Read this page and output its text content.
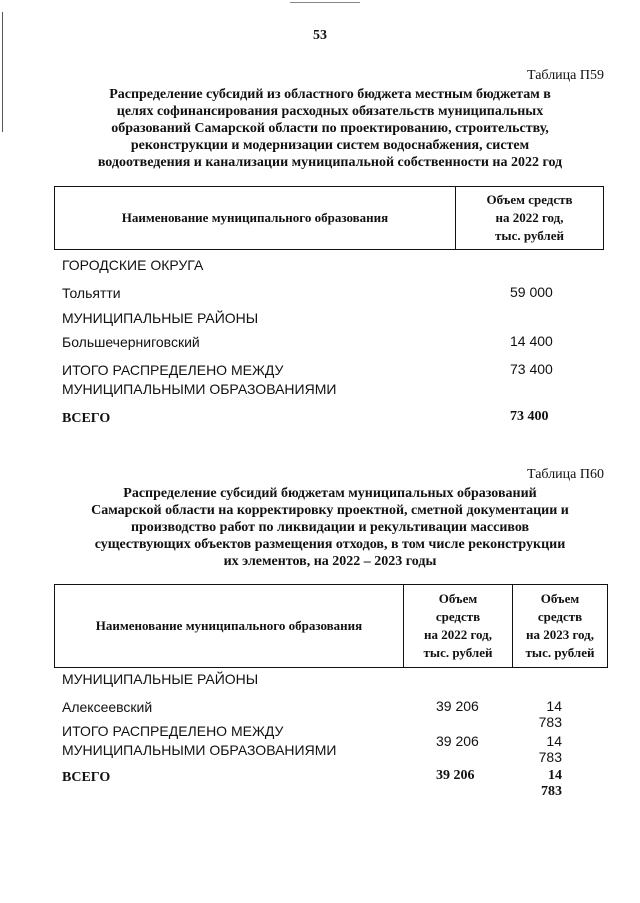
53
Таблица П59
Распределение субсидий из областного бюджета местным бюджетам в
целях софинансирования расходных обязательств муниципальных
образований Самарской области по проектированию, строительству,
реконструкции и модернизации систем водоснабжения, систем
водоотведения и канализации муниципальной собственности на 2022 год
Наименование муниципального образования	
Объем средств
на 2022 год,
тыс. рублей
ГОРОДСКИЕ ОКРУГА
Тольятти	59 000
МУНИЦИПАЛЬНЫЕ РАЙОНЫ
Большечерниговский	14 400
ИТОГО РАСПРЕДЕЛЕНО МЕЖДУ
МУНИЦИПАЛЬНЫМИ ОБРАЗОВАНИЯМИ
73 400
ВСЕГО	73 400
Таблица П60
Распределение субсидий бюджетам муниципальных образований
Самарской области на корректировку проектной, сметной документации и
производство работ по ликвидации и рекультивации массивов
существующих объектов размещения отходов, в том числе реконструкции
их элементов, на 2022 – 2023 годы
Наименование муниципального образования	
Объем
средств
на 2022 год,
тыс. рублей

Объем
средств
на 2023 год,
тыс. рублей
МУНИЦИПАЛЬНЫЕ РАЙОНЫ
Алексеевский	39 206	14 783
ИТОГО РАСПРЕДЕЛЕНО МЕЖДУ
МУНИЦИПАЛЬНЫМИ ОБРАЗОВАНИЯМИ
39 206	14 783
ВСЕГО	39 206	14 783
